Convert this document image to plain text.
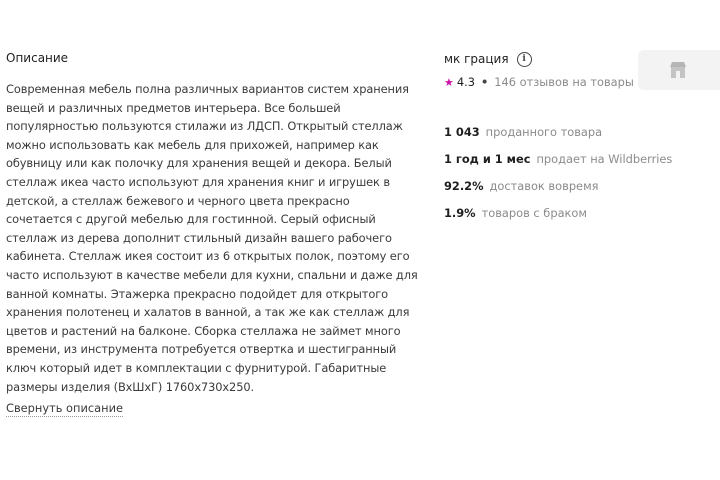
Описание

Современная мебель полна различных вариантов систем хранения вещей и различных предметов интерьера. Все большей популярностью пользуются стилажи из ЛДСП. Открытый стеллаж можно использовать как мебель для прихожей, например как обувницу или как полочку для хранения вещей и декора. Белый стеллаж икеа часто используют для хранения книг и игрушек в детской, а стеллаж бежевого и черного цвета прекрасно сочетается с другой мебелью для гостинной. Серый офисный стеллаж из дерева дополнит стильный дизайн вашего рабочего кабинета. Стеллаж икея состоит из 6 открытых полок, поэтому его часто используют в качестве мебели для кухни, спальни и даже для ванной комнаты. Этажерка прекрасно подойдет для открытого хранения полотенец и халатов в ванной, а так же как стеллаж для цветов и растений на балконе. Сборка стеллажа не займет много времени, из инструмента потребуется отвертка и шестигранный ключ который идет в комплектации с фурнитурой. Габаритные размеры изделия (ВхШхГ) 1760х730х250.

Свернуть описание
мк грация	i
★ 4.3 • 146 отзывов на товары
1 043 проданного товара
1 год и 1 мес продает на Wildberries
92.2% доставок вовремя
1.9% товаров с браком
